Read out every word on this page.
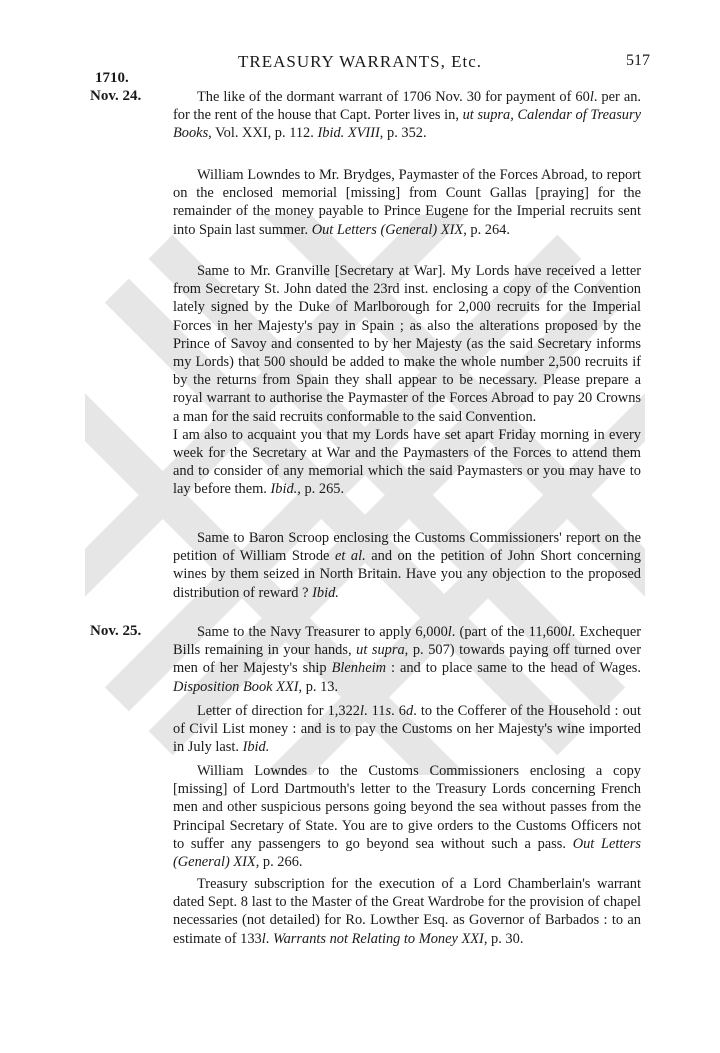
TREASURY WARRANTS, Etc.	517
1710.
Nov. 24.
Nov. 25.

The like of the dormant warrant of 1706 Nov. 30 for payment of 60l. per an. for the rent of the house that Capt. Porter lives in, ut supra, Calendar of Treasury Books, Vol. XXI, p. 112. Ibid. XVIII, p. 352.

William Lowndes to Mr. Brydges, Paymaster of the Forces Abroad, to report on the enclosed memorial [missing] from Count Gallas [praying] for the remainder of the money payable to Prince Eugene for the Imperial recruits sent into Spain last summer. Out Letters (General) XIX, p. 264.

Same to Mr. Granville [Secretary at War]. My Lords have received a letter from Secretary St. John dated the 23rd inst. enclosing a copy of the Convention lately signed by the Duke of Marlborough for 2,000 recruits for the Imperial Forces in her Majesty's pay in Spain ; as also the alterations proposed by the Prince of Savoy and consented to by her Majesty (as the said Secretary informs my Lords) that 500 should be added to make the whole number 2,500 recruits if by the returns from Spain they shall appear to be necessary. Please prepare a royal warrant to authorise the Paymaster of the Forces Abroad to pay 20 Crowns a man for the said recruits conformable to the said Convention.

I am also to acquaint you that my Lords have set apart Friday morning in every week for the Secretary at War and the Paymasters of the Forces to attend them and to consider of any memorial which the said Paymasters or you may have to lay before them. Ibid., p. 265.

Same to Baron Scroop enclosing the Customs Commissioners' report on the petition of William Strode et al. and on the petition of John Short concerning wines by them seized in North Britain. Have you any objection to the proposed distribution of reward ? Ibid.

Same to the Navy Treasurer to apply 6,000l. (part of the 11,600l. Exchequer Bills remaining in your hands, ut supra, p. 507) towards paying off turned over men of her Majesty's ship Blenheim : and to place same to the head of Wages. Disposition Book XXI, p. 13.

Letter of direction for 1,322l. 11s. 6d. to the Cofferer of the Household : out of Civil List money : and is to pay the Customs on her Majesty's wine imported in July last. Ibid.

William Lowndes to the Customs Commissioners enclosing a copy [missing] of Lord Dartmouth's letter to the Treasury Lords concerning French men and other suspicious persons going beyond the sea without passes from the Principal Secretary of State. You are to give orders to the Customs Officers not to suffer any passengers to go beyond sea without such a pass. Out Letters (General) XIX, p. 266.

Treasury subscription for the execution of a Lord Chamberlain's warrant dated Sept. 8 last to the Master of the Great Wardrobe for the provision of chapel necessaries (not detailed) for Ro. Lowther Esq. as Governor of Barbados : to an estimate of 133l. Warrants not Relating to Money XXI, p. 30.
